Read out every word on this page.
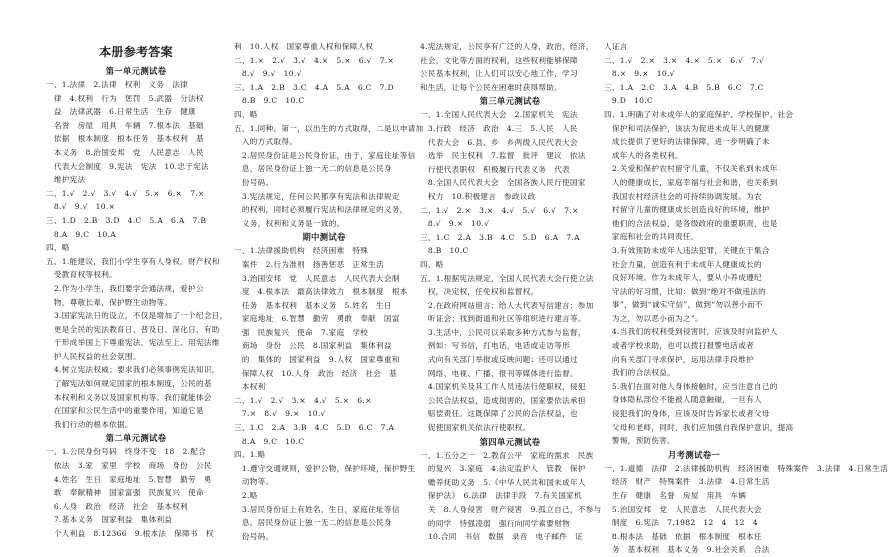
本册参考答案
第一单元测试卷
一、1.法律　2.法律　权利　义务　法律
　律　4.权利　行为　惩罚　5.武器　分法权
　益　法律武器　6.日常生活　生存　健康
　名誉　房屋　用具　车辆　7.根本法　基础
　依据　根本制度　根本任务　基本权利　基
　本义务　8.治国安邦　党　人民意志　人民
　代表大会制度　9.宪法　宪法　10.忠于宪法
　维护宪法
二、1.√　2.√　3.√　4.√　5.×　6.×　7.×
　8.√　9.√　10.×
三、1.D　2.B　3.D　4.C　5.A　6.A　7.B
　8.A　9.C　10.A
四、略
五、1.能建议，我们小学生享有人身权、财产权和
　受教育权等权利。
　2.作为小学生，我们要学会通法规，爱护公
　物，尊敬长辈，保护野生动物等。
　3.国家宪法日的设立，不仅是增加了一个纪念日，
　更是全民的宪法教育日、普及日、深化日，有助
　于形成举国上下尊重宪法、宪法至上、用宪法维
　护人民权益的社会氛围。
　4.树立宪法权威；要求我们必须事例宪法知识，
　了解宪法如何规定国家的根本制度，公民的基
　本权利和义务以及国家机构等。我们就能体会
　在国家和公民生活中的重要作用，知道它是
　我们行动的根本依据。
第二单元测试卷
一、1.公民身份号码　终身不变　18　2.配合
　依法　3.家　家里　学校　商场　身份　公民
　4.姓名　生日　家庭地址　5.智慧　勤劳　勇
　敢　奉献精神　国家富强　民族复兴　使命
　6.人身　政治　经济　社会　基本权利
　7.基本义务　国家利益　集体利益
　个人利益　8.12366　9.根本法　保障书　权
利　10.人权　国家尊重人权和保障人权
二、1.×　2.√　3.√　4.×　5.×　6.√　7.×
　8.√　9.√　10.√
三、1.A　2.B　3.C　4.A　5.A　6.C　7.D
　8.B　9.C　10.C
四、略
五、1.同种。第一，以出生的方式取得，二是以申请加
　入的方式取得。
　2.居民身份证是公民身份证，由于，家庭住址等信
　息，居民身份证上独一无二的信息是公民身
　份号码。
　3.宪法规定，任何公民都享有宪法和法律规定
　的权利，同时必须履行宪法和法律规定的义务，
　义务，权利和义务是一致的。
期中测试卷
一、1.法律援助机构　经济困难　特殊
　案件　2.行为准则　扬善惩恶　正常生活
　3.治国安邦　党　人民意志　人民代表大会制
　度　4.根本法　最高法律效力　根本制度　根本
　任务　基本权利　基本义务　5.姓名　生日
　家庭地址　6.智慧　勤劳　勇敢　奉献　国富
　强　民族复兴　使命　7.家庭　学校
　商场　身份　公民　8.国家利益　集体利益
　的　集体的　国家利益　9.人权　国家尊重和
　保障人权　10.人身　政治　经济　社会　基
　本权利
二、1.√　2.√　3.×　4.√　5.×　6.×
　7.×　8.√　9.×　10.√
三、1.C　2.A　3.B　4.C　5.D　6.C　7.A
　8.A　9.C　10.C
四、1.略
　1.遵守交通规则，爱护公物，保护环境，保护野生
　动物等。
　2.略
　3.居民身份证上有姓名，生日，家庭住址等信
　息，居民身份证上独一无二的信息是公民身
　份号码。
4.宪法规定，公民享有广泛的人身，政治，经济，
社会，文化等方面的权利，这些权利能够保障
公民基本权利，让人们可以安心地工作，学习
和生活，让每个公民在困难时获得帮助。
第三单元测试卷
一、1.全国人民代表大会　2.国家机关　宪法
　3.行政　经济　政治　4.三　5.人民　人民
　代表大会　6.县、乡　乡两级人民代表大会
　选举　民主权利　7.监督　批评　建议　依法
　行使代表职权　积极履行代表义务　代表
　8.全国人民代表大会　全国各族人民行使国家
　权力　10.积极建言　参政议政
二、1.√　2.×　3.×　4.√　5.√　6.√　7.×
　8.√　9.×　10.√
三、1.C　2.A　3.B　4.C　5.D　6.A　7.A
　8.B　10.C
四、略
五、1.根据宪法规定，全国人民代表大会行使立法
　权，决定权，任免权和监督权。
　2.在政府网站留言；给人大代表写信建言；参加
　听证会；找到街道和社区等组织进行建言等。
　3.生活中，公民可以采取多种方式参与监督，
　例如：写书信，打电话，电话或走访等形
　式向有关部门举报或反映问题；还可以通过
　网络、电视、广播、报刊等媒体进行监督。
　4.国家机关及其工作人员违法行使职权，侵犯
　公民合法权益，造成损害的，国家要依法承担
　赔偿责任。这既保障了公民的合法权益，也
　促使国家机关依法行使职权。
第四单元测试卷
一、1.五分之一　2.教育公平　家庭的需求　民族
　的复兴　3.家庭　4.法定监护人　管教　保护
　赡养抚助义务　5.《中华人民共和国未成年人
　保护法》　6.法律　法律手段　7.有关国家机
　关　8.人身侵害　财产侵害　9.孤立自己，不参与
　的同学　恃强凌弱　强行向同学索要财物
　10.合同　书信　数据　录音　电子邮件　证
人证言
二、1.√　2.×　3.×　4.×　5.×　6.√　7.√
　8.×　9.×　10.√
三、1.A　2.C　3.A　4.B　5.B　6.C　7.C
　9.D　10.C
四、1.明确了对未成年人的家庭保护、学校保护、社会
　保护和司法保护，该法为促进未成年人的健康
　成长提供了更好的法律保障，进一步明确了未
　成年人的各类权利。
　2.关爱和保护农村留守儿童，不仅关系到未成年
　人的健康成长，家庭幸福与社会和谐，也关系到
　我国农村经济社会的可持续协调发展。为农
　村留守儿童的健康成长创造良好的环境，维护
　他们的合法权益，是各级政府的重要职责，也是
　家庭和社会的共同责任。
　3.有效预防未成年人违法犯罪，关键在于集合
　社会力量，创造有利于未成年人健康成长的
　良好环境。作为未成年人，要从小养成遵纪
　守法的好习惯，比如：做到“绝对不做违法的
　事”，做到“诚实守信”，做到“勿以善小而不
　为之，勿以恶小而为之”。
　4.当我们的权利受到侵害时，应该及时向监护人
　或者学校求助，也可以拨打报警电话或者
　向有关部门寻求保护，运用法律手段维护
　我们的合法权益。
　5.我们在面对他人身体接触时，应当注意自己的
　身体隐私部位不能被人随意触碰，一旦有人
　侵犯我们的身体，应该及时告诉家长或者父母
　父母和老师，同时，我们应加强自我保护意识，提高
　警惕，预防伤害。
月考测试卷一
一、1.道德　法律　2.法律援助机构　经济困难　特殊案件　3.法律　4.日常生活
　经济　财产　特殊案件　3.法律　4.日常生活
　生存　健康　名誉　房屋　用具　车辆
　5.治国安邦　党　人民意志　人民代表大会
　制度　6.宪法　7.1982　12　4　12　4
　8.根本法　基础　依据　根本制度　根本任
　务　基本权利　基本义务　9.社会关系　合法
